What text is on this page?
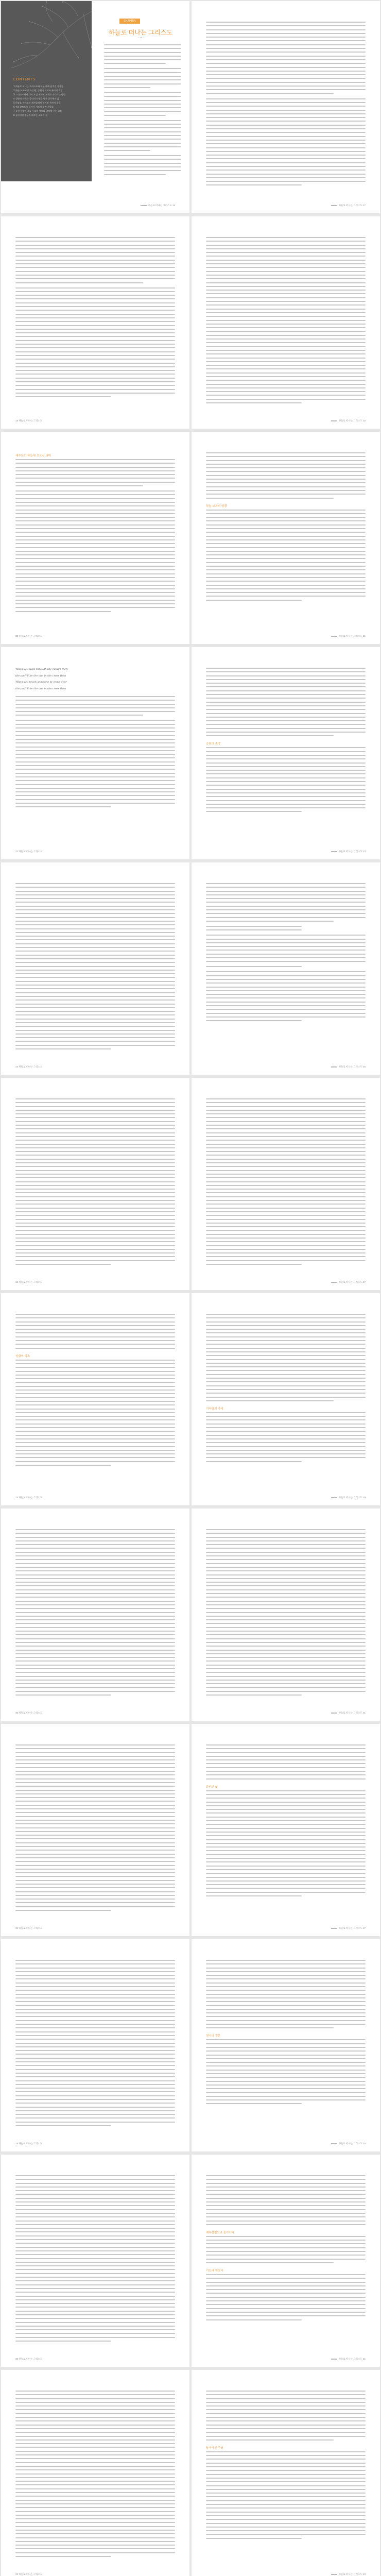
CONTENTS
1 하늘로 떠나는 그리스도와 하늘 아래 남겨진 제자들
2 하늘 보좌에 앉으신 왕, 승천의 의미와 우리의 소망
3 그리스도께서 다시 오실 때까지 교회가 기다리는 방법
4 성령의 약속과 증인의 사명을 받은 공동체의 삶
5 하늘을 바라보던 제자들에게 주어진 천사의 질문
6 예루살렘으로 돌아가 기도에 힘쓴 사람들
7 승천 신앙이 오늘 우리의 예배와 일상에 주는 교훈
8 높아지신 주님을 따르는 교회의 길
CHAPTER
하늘로 떠나는 그리스도
— ◆ —
하늘로 떠나는 그리스도 16	하늘로 떠나는 그리스도 17
18 하늘로 떠나는 그리스도	하늘로 떠나는 그리스도 19
예수님이 하늘에 오르신 의미
20 하늘로 떠나는 그리스도
하늘 보좌의 영광
하늘로 떠나는 그리스도 21
When you walk through the clouds then
the path'll be the one in the cross then
When you reach someone to come over
the path'll be the one in the cross then
22 하늘로 떠나는 그리스도
승천의 소망
하늘로 떠나는 그리스도 23
24 하늘로 떠나는 그리스도	하늘로 떠나는 그리스도 25
26 하늘로 떠나는 그리스도	하늘로 떠나는 그리스도 27
성령의 약속
28 하늘로 떠나는 그리스도
기다림의 자세
하늘로 떠나는 그리스도 29
30 하늘로 떠나는 그리스도	하늘로 떠나는 그리스도 31
32 하늘로 떠나는 그리스도
증인의 삶
하늘로 떠나는 그리스도 17
18 하늘로 떠나는 그리스도
천사의 질문
하늘로 떠나는 그리스도 19
20 하늘로 떠나는 그리스도
예루살렘으로 돌아가다
기도에 힘쓰다
하늘로 떠나는 그리스도 21
22 하늘로 떠나는 그리스도
높아지신 주님
하늘로 떠나는 그리스도 23
